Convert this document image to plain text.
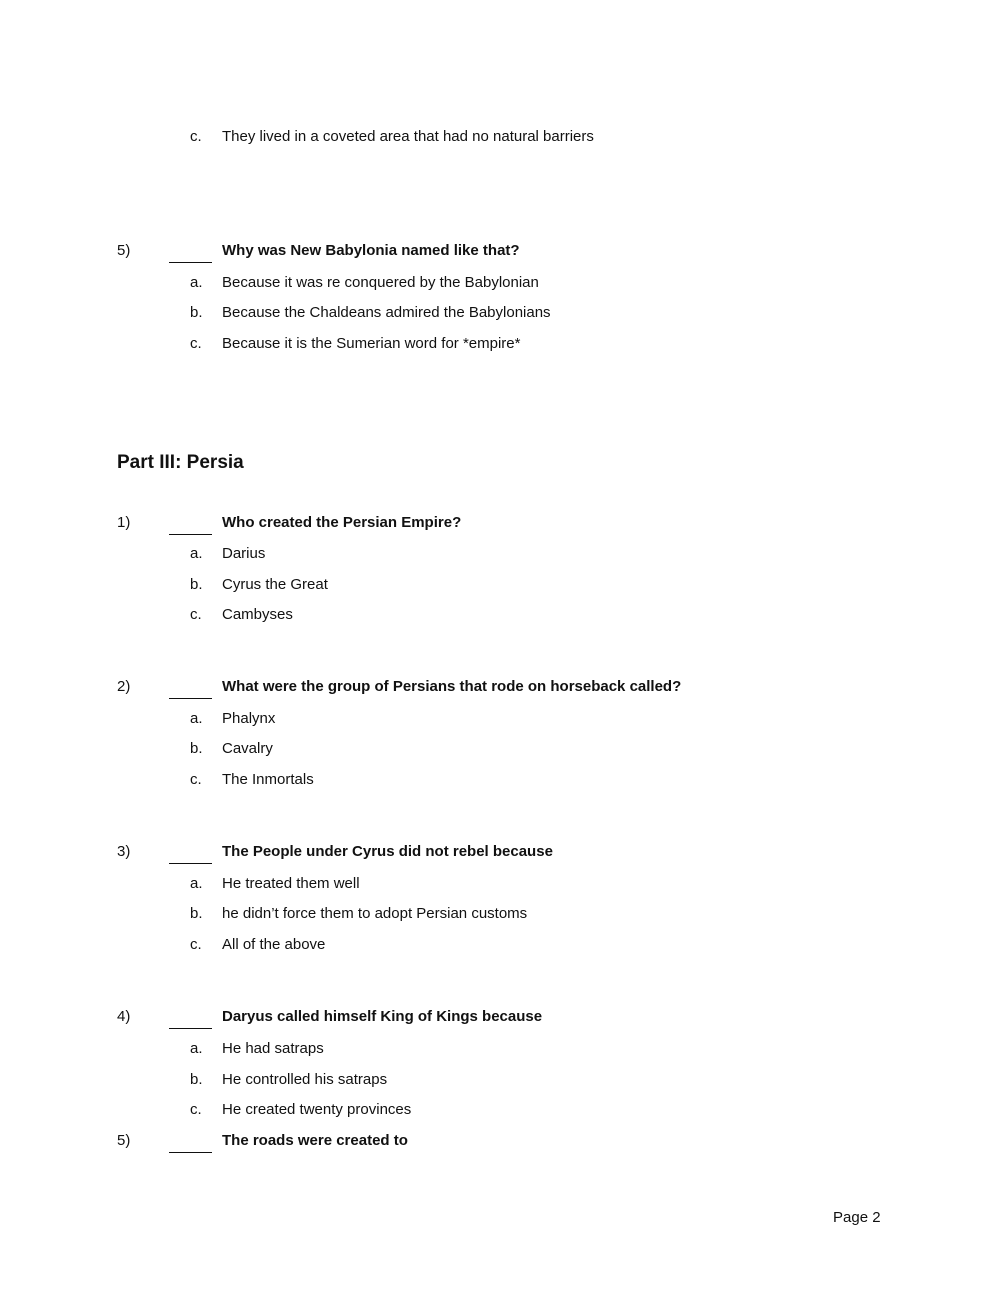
c. They lived in a coveted area that had no natural barriers
5)	Why was New Babylonia named like that?
a. Because it was re conquered by the Babylonian
b. Because the Chaldeans admired the Babylonians
c. Because it is the Sumerian word for *empire*
Part III: Persia
1)	Who created the Persian Empire?
a. Darius
b. Cyrus the Great
c. Cambyses
2)	What were the group of Persians that rode on horseback called?
a. Phalynx
b. Cavalry
c. The Inmortals
3)	The People under Cyrus did not rebel because
a. He treated them well
b. he didn’t force them to adopt Persian customs
c. All of the above
4)	Daryus called himself King of Kings because
a. He had satraps
b. He controlled his satraps
c. He created twenty provinces
5)	The roads were created to
Page 2
